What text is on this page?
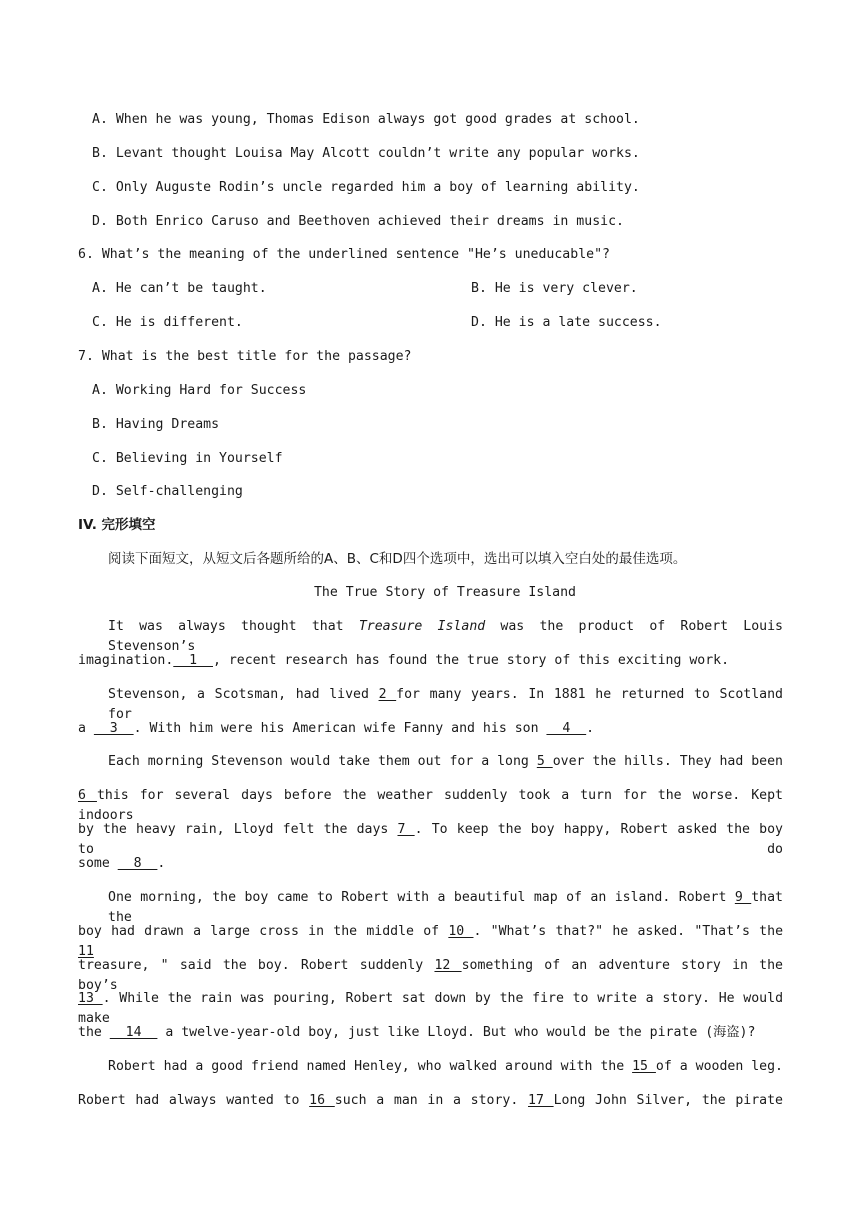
A. When he was young, Thomas Edison always got good grades at school.
B. Levant thought Louisa May Alcott couldn’t write any popular works.
C. Only Auguste Rodin’s uncle regarded him a boy of learning ability.
D. Both Enrico Caruso and Beethoven achieved their dreams in music.
6. What’s the meaning of the underlined sentence "He’s uneducable"?
A. He can’t be taught.	B. He is very clever.
C. He is different.	D. He is a late success.
7. What is the best title for the passage?
A. Working Hard for Success
B. Having Dreams
C. Believing in Yourself
D. Self-challenging
IV. 完形填空
阅读下面短文，从短文后各题所给的A、B、C和D四个选项中，选出可以填入空白处的最佳选项。
The True Story of Treasure Island
It was always thought that Treasure Island was the product of Robert Louis Stevenson’s
imagination.  1  , recent research has found the true story of this exciting work.
Stevenson, a Scotsman, had lived 2 for many years. In 1881 he returned to Scotland for
a   3  . With him were his American wife Fanny and his son   4  .
Each morning Stevenson would take them out for a long 5 over the hills. They had been
6 this for several days before the weather suddenly took a turn for the worse. Kept indoors
by the heavy rain, Lloyd felt the days 7 . To keep the boy happy, Robert asked the boy to do
some   8  .
One morning, the boy came to Robert with a beautiful map of an island. Robert 9 that the
boy had drawn a large cross in the middle of 10 . "What’s that?" he asked. "That’s the 11
treasure, " said the boy. Robert suddenly 12 something of an adventure story in the boy’s
13 . While the rain was pouring, Robert sat down by the fire to write a story. He would make
the   14   a twelve-year-old boy, just like Lloyd. But who would be the pirate (海盗)?
Robert had a good friend named Henley, who walked around with the 15 of a wooden leg.
Robert had always wanted to 16 such a man in a story. 17 Long John Silver, the pirate
